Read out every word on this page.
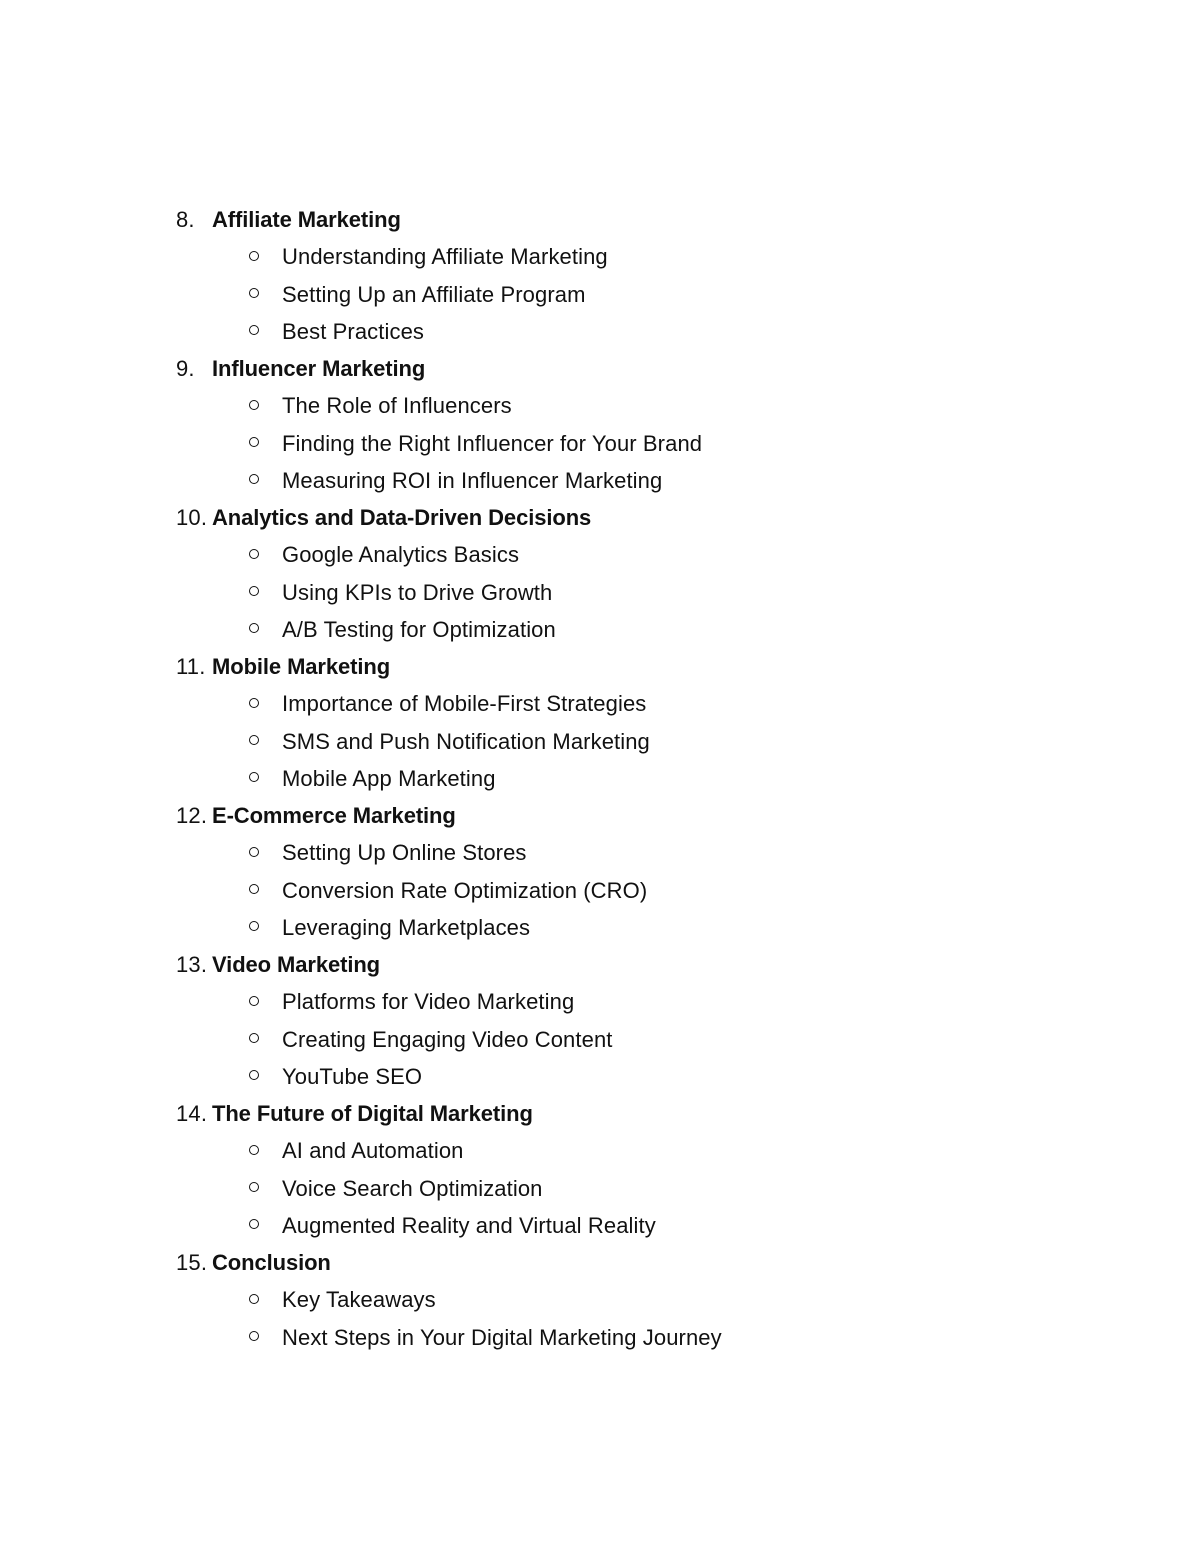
8. Affiliate Marketing
Understanding Affiliate Marketing
Setting Up an Affiliate Program
Best Practices
9. Influencer Marketing
The Role of Influencers
Finding the Right Influencer for Your Brand
Measuring ROI in Influencer Marketing
10. Analytics and Data-Driven Decisions
Google Analytics Basics
Using KPIs to Drive Growth
A/B Testing for Optimization
11. Mobile Marketing
Importance of Mobile-First Strategies
SMS and Push Notification Marketing
Mobile App Marketing
12. E-Commerce Marketing
Setting Up Online Stores
Conversion Rate Optimization (CRO)
Leveraging Marketplaces
13. Video Marketing
Platforms for Video Marketing
Creating Engaging Video Content
YouTube SEO
14. The Future of Digital Marketing
AI and Automation
Voice Search Optimization
Augmented Reality and Virtual Reality
15. Conclusion
Key Takeaways
Next Steps in Your Digital Marketing Journey
